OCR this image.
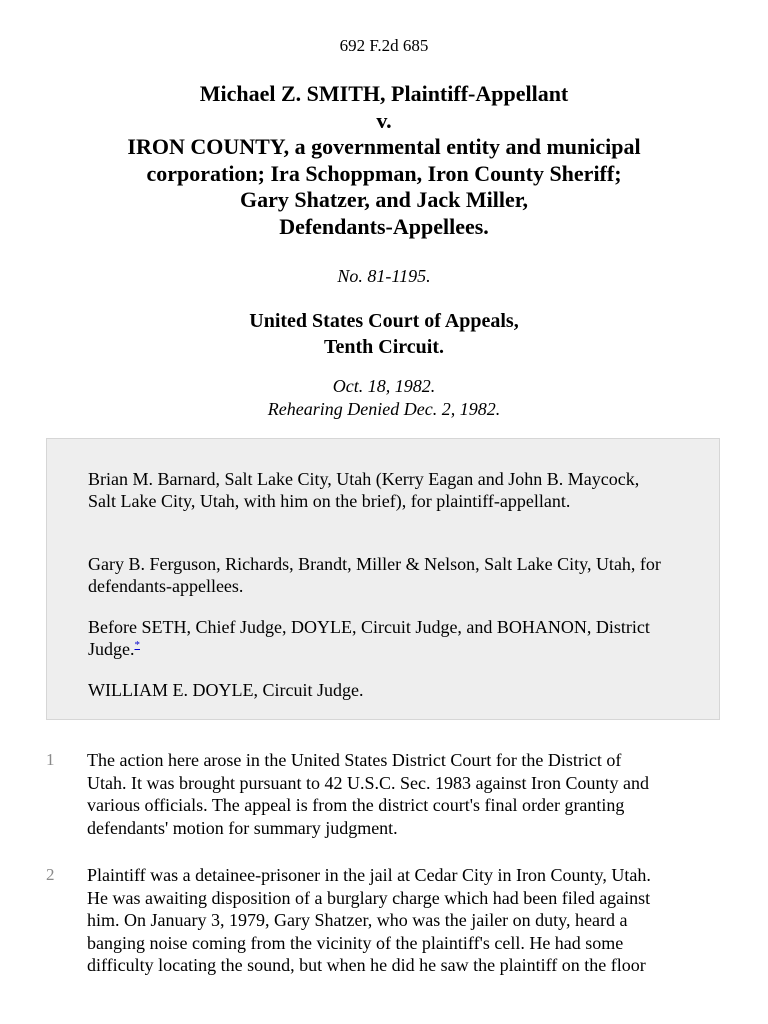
692 F.2d 685
Michael Z. SMITH, Plaintiff-Appellant
v.
IRON COUNTY, a governmental entity and municipal
corporation; Ira Schoppman, Iron County Sheriff;
Gary Shatzer, and Jack Miller,
Defendants-Appellees.
No. 81-1195.
United States Court of Appeals,
Tenth Circuit.
Oct. 18, 1982.
Rehearing Denied Dec. 2, 1982.

Brian M. Barnard, Salt Lake City, Utah (Kerry Eagan and John B. Maycock, Salt Lake City, Utah, with him on the brief), for plaintiff-appellant.

Gary B. Ferguson, Richards, Brandt, Miller & Nelson, Salt Lake City, Utah, for defendants-appellees.

Before SETH, Chief Judge, DOYLE, Circuit Judge, and BOHANON, District Judge.*

WILLIAM E. DOYLE, Circuit Judge.

1 The action here arose in the United States District Court for the District of
Utah. It was brought pursuant to 42 U.S.C. Sec. 1983 against Iron County and
various officials. The appeal is from the district court's final order granting
defendants' motion for summary judgment.
2 Plaintiff was a detainee-prisoner in the jail at Cedar City in Iron County, Utah.
He was awaiting disposition of a burglary charge which had been filed against
him. On January 3, 1979, Gary Shatzer, who was the jailer on duty, heard a
banging noise coming from the vicinity of the plaintiff's cell. He had some
difficulty locating the sound, but when he did he saw the plaintiff on the floor
